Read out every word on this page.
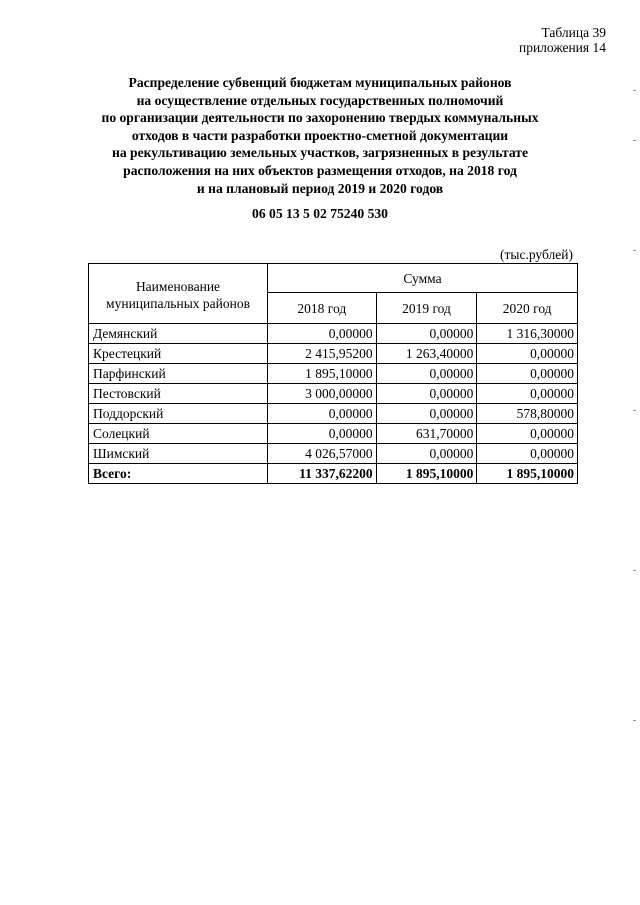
Таблица 39
приложения 14
Распределение субвенций бюджетам муниципальных районов
на осуществление отдельных государственных полномочий
по организации деятельности по захоронению твердых коммунальных
отходов в части разработки проектно-сметной документации
на рекультивацию земельных участков, загрязненных в результате
расположения на них объектов размещения отходов, на 2018 год
и на плановый период 2019 и 2020 годов
06 05 13 5 02 75240 530
(тыс.рублей)
Наименование муниципальных районов	Сумма		
	2018 год	2019 год	2020 год
Демянский	0,00000	0,00000	1 316,30000
Крестецкий	2 415,95200	1 263,40000	0,00000
Парфинский	1 895,10000	0,00000	0,00000
Пестовский	3 000,00000	0,00000	0,00000
Поддорский	0,00000	0,00000	578,80000
Солецкий	0,00000	631,70000	0,00000
Шимский	4 026,57000	0,00000	0,00000
Всего:	11 337,62200	1 895,10000	1 895,10000
